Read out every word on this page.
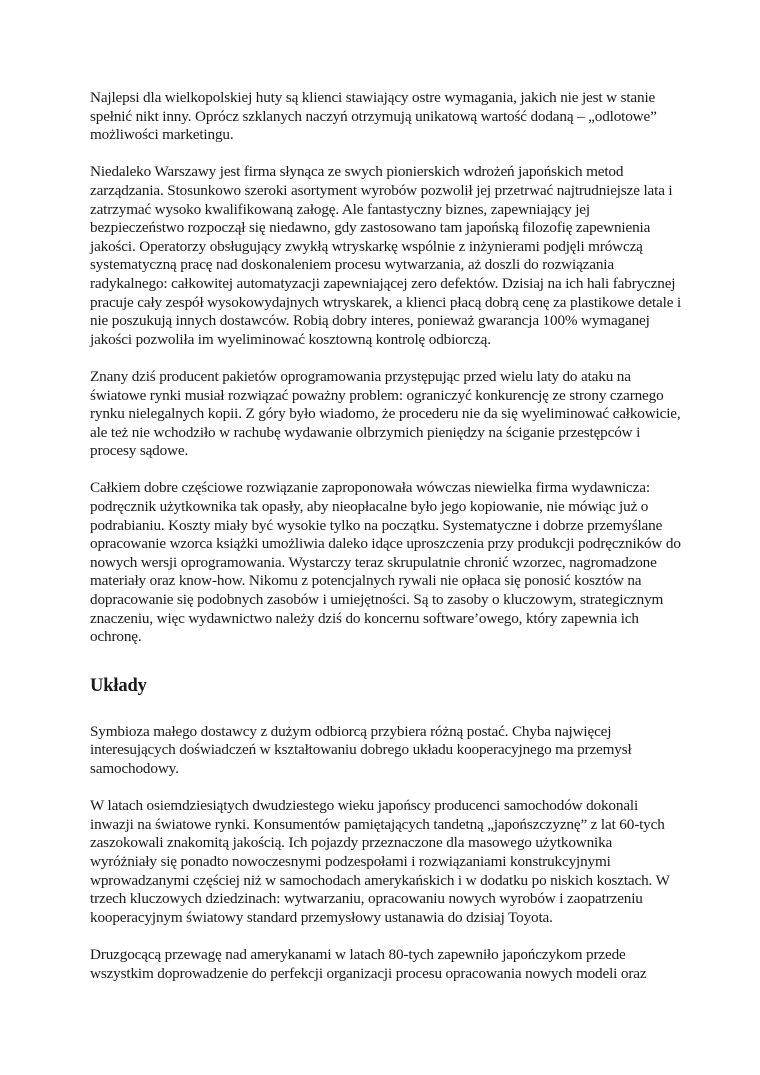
Najlepsi dla wielkopolskiej huty są klienci stawiający ostre wymagania, jakich nie jest w stanie spełnić nikt inny. Oprócz szklanych naczyń otrzymują unikatową wartość dodaną – „odlotowe” możliwości marketingu.

Niedaleko Warszawy jest firma słynąca ze swych pionierskich wdrożeń japońskich metod zarządzania. Stosunkowo szeroki asortyment wyrobów pozwolił jej przetrwać najtrudniejsze lata i zatrzymać wysoko kwalifikowaną załogę. Ale fantastyczny biznes, zapewniający jej bezpieczeństwo rozpoczął się niedawno, gdy zastosowano tam japońską filozofię zapewnienia jakości. Operatorzy obsługujący zwykłą wtryskarkę wspólnie z inżynierami podjęli mrówczą systematyczną pracę nad doskonaleniem procesu wytwarzania, aż doszli do rozwiązania radykalnego: całkowitej automatyzacji zapewniającej zero defektów. Dzisiaj na ich hali fabrycznej pracuje cały zespół wysokowydajnych wtryskarek, a klienci płacą dobrą cenę za plastikowe detale i nie poszukują innych dostawców. Robią dobry interes, ponieważ gwarancja 100% wymaganej jakości pozwoliła im wyeliminować kosztowną kontrolę odbiorczą.

Znany dziś producent pakietów oprogramowania przystępując przed wielu laty do ataku na światowe rynki musiał rozwiązać poważny problem: ograniczyć konkurencję ze strony czarnego rynku nielegalnych kopii. Z góry było wiadomo, że procederu nie da się wyeliminować całkowicie, ale też nie wchodziło w rachubę wydawanie olbrzymich pieniędzy na ściganie przestępców i procesy sądowe.

Całkiem dobre częściowe rozwiązanie zaproponowała wówczas niewielka firma wydawnicza: podręcznik użytkownika tak opasły, aby nieopłacalne było jego kopiowanie, nie mówiąc już o podrabianiu. Koszty miały być wysokie tylko na początku. Systematyczne i dobrze przemyślane opracowanie wzorca książki umożliwia daleko idące uproszczenia przy produkcji podręczników do nowych wersji oprogramowania. Wystarczy teraz skrupulatnie chronić wzorzec, nagromadzone materiały oraz know-how. Nikomu z potencjalnych rywali nie opłaca się ponosić kosztów na dopracowanie się podobnych zasobów i umiejętności. Są to zasoby o kluczowym, strategicznym znaczeniu, więc wydawnictwo należy dziś do koncernu software’owego, który zapewnia ich ochronę.

Układy

Symbioza małego dostawcy z dużym odbiorcą przybiera różną postać. Chyba najwięcej interesujących doświadczeń w kształtowaniu dobrego układu kooperacyjnego ma przemysł samochodowy.

W latach osiemdziesiątych dwudziestego wieku japońscy producenci samochodów dokonali inwazji na światowe rynki. Konsumentów pamiętających tandetną „japońszczyznę” z lat 60-tych zaszokowali znakomitą jakością. Ich pojazdy przeznaczone dla masowego użytkownika wyróżniały się ponadto nowoczesnymi podzespołami i rozwiązaniami konstrukcyjnymi wprowadzanymi częściej niż w samochodach amerykańskich i w dodatku po niskich kosztach. W trzech kluczowych dziedzinach: wytwarzaniu, opracowaniu nowych wyrobów i zaopatrzeniu kooperacyjnym światowy standard przemysłowy ustanawia do dzisiaj Toyota.

Druzgocącą przewagę nad amerykanami w latach 80-tych zapewniło japończykom przede wszystkim doprowadzenie do perfekcji organizacji procesu opracowania nowych modeli oraz
